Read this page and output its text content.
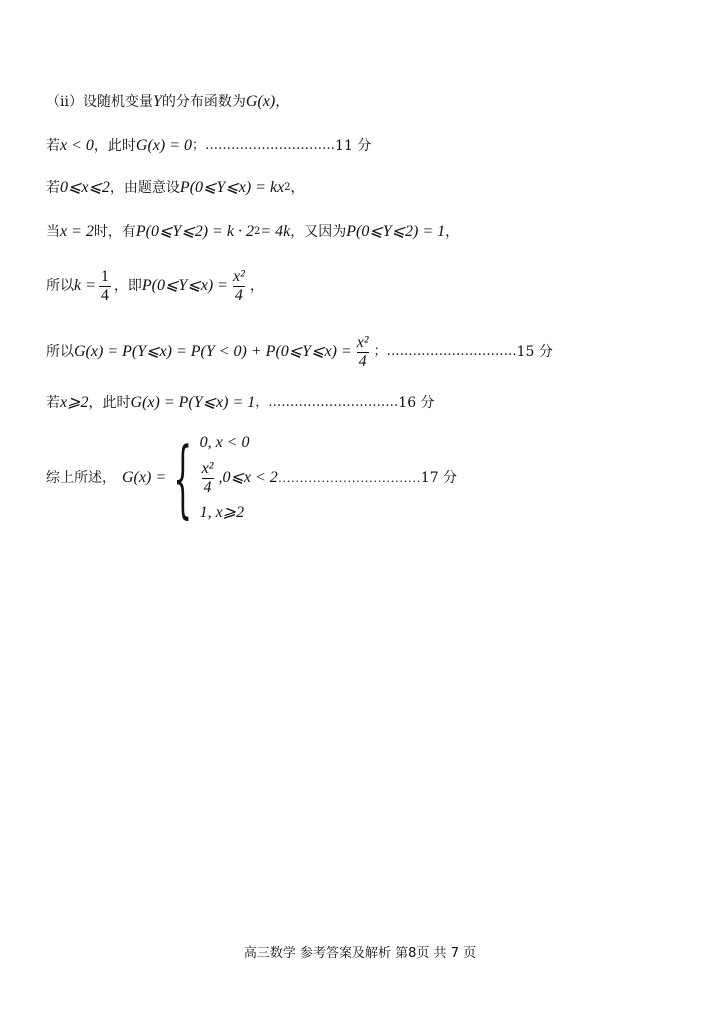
（ⅱ）设随机变量 Y 的分布函数为 G(x) ，
若 x < 0 ，此时 G(x) = 0 ；………………………… 11 分
若 0⩽x⩽2 ，由题意设 P(0⩽Y⩽x) = kx 2 ，
当 x = 2 时，有 P(0⩽Y⩽2) = k · 2 2 = 4k ，又因为 P(0⩽Y⩽2) = 1 ，
所以 $k = \frac{1}{4}$ ，即 P(0⩽Y⩽x) = $\frac{\text{x²}}{4}$ ，
所以 G(x) = P(Y⩽x) = P(Y < 0) + P(0⩽Y⩽x) = $\frac{\text{x²}}{4}$ ；………………………… 15 分
若 x⩾2 ，此时 G(x) = P(Y⩽x) = 1 ，………………………… 16 分
综上所述， G(x) = { 0, x < 0
$\frac{\text{x²}}{4}$ ,0⩽x < 2 …………………………… 17 分
1, x⩾2
高三数学 参考答案及解析 第8页 共 7 页
